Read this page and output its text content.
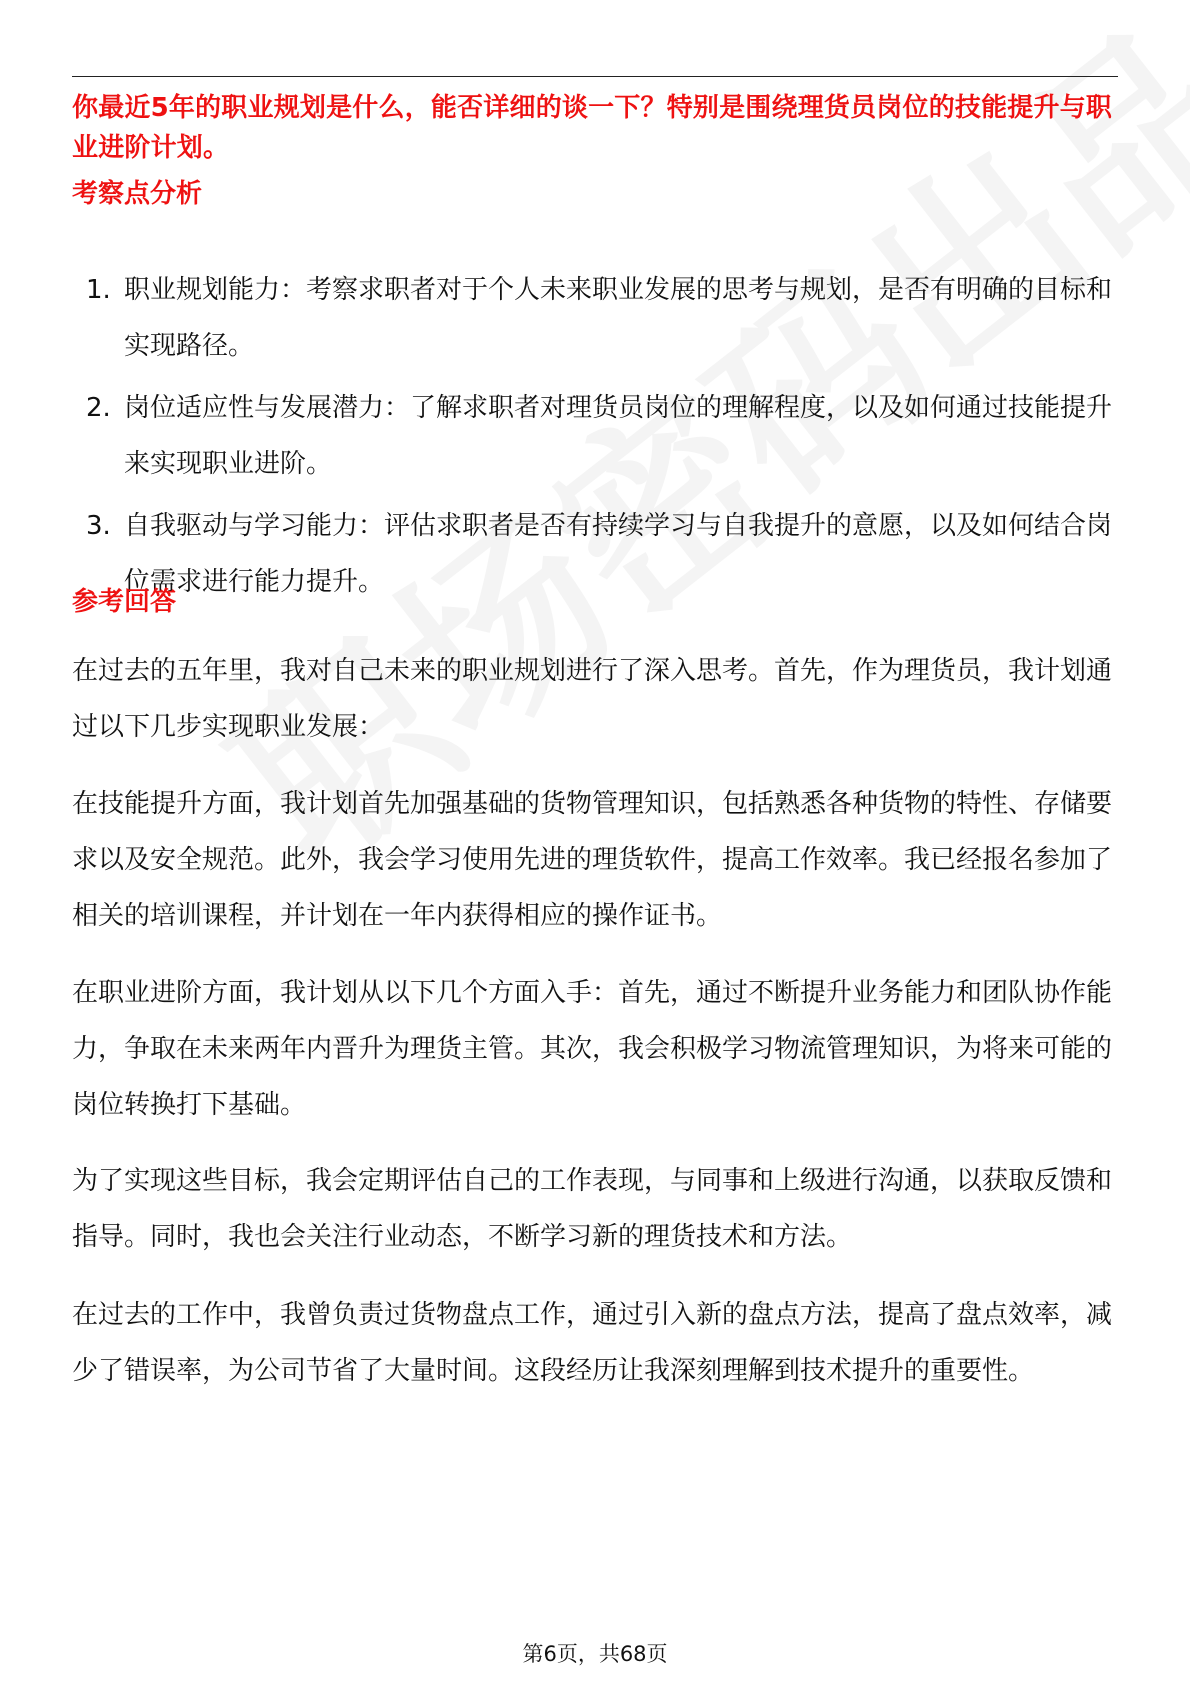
你最近5年的职业规划是什么，能否详细的谈一下？特别是围绕理货员岗位的技能提升与职业进阶计划。
考察点分析
1. 职业规划能力：考察求职者对于个人未来职业发展的思考与规划，是否有明确的目标和实现路径。
2. 岗位适应性与发展潜力：了解求职者对理货员岗位的理解程度，以及如何通过技能提升来实现职业进阶。
3. 自我驱动与学习能力：评估求职者是否有持续学习与自我提升的意愿，以及如何结合岗位需求进行能力提升。
参考回答

在过去的五年里，我对自己未来的职业规划进行了深入思考。首先，作为理货员，我计划通过以下几步实现职业发展：

在技能提升方面，我计划首先加强基础的货物管理知识，包括熟悉各种货物的特性、存储要求以及安全规范。此外，我会学习使用先进的理货软件，提高工作效率。我已经报名参加了相关的培训课程，并计划在一年内获得相应的操作证书。

在职业进阶方面，我计划从以下几个方面入手：首先，通过不断提升业务能力和团队协作能力，争取在未来两年内晋升为理货主管。其次，我会积极学习物流管理知识，为将来可能的岗位转换打下基础。

为了实现这些目标，我会定期评估自己的工作表现，与同事和上级进行沟通，以获取反馈和指导。同时，我也会关注行业动态，不断学习新的理货技术和方法。

在过去的工作中，我曾负责过货物盘点工作，通过引入新的盘点方法，提高了盘点效率，减少了错误率，为公司节省了大量时间。这段经历让我深刻理解到技术提升的重要性。

第6页，共68页
